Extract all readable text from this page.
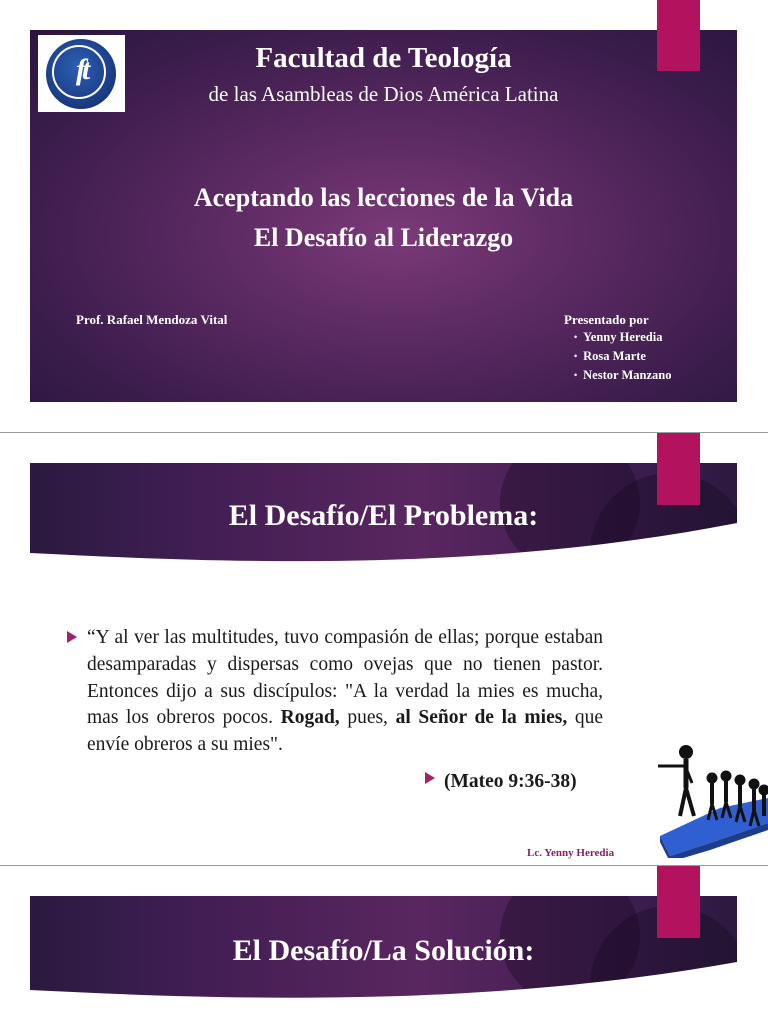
ft	Facultad de Teología
de las Asambleas de Dios América Latina
Aceptando las lecciones de la Vida
El Desafío al Liderazgo
Prof. Rafael Mendoza Vital	Presentado por
• Yenny Heredia
• Rosa Marte
• Nestor Manzano
El Desafío/El Problema:

“Y al ver las multitudes, tuvo compasión de ellas; porque estaban desamparadas y dispersas como ovejas que no tienen pastor. Entonces dijo a sus discípulos: "A la verdad la mies es mucha, mas los obreros pocos. Rogad, pues, al Señor de la mies, que envíe obreros a su mies".

(Mateo 9:36-38)
Lc. Yenny Heredia
El Desafío/La Solución:
